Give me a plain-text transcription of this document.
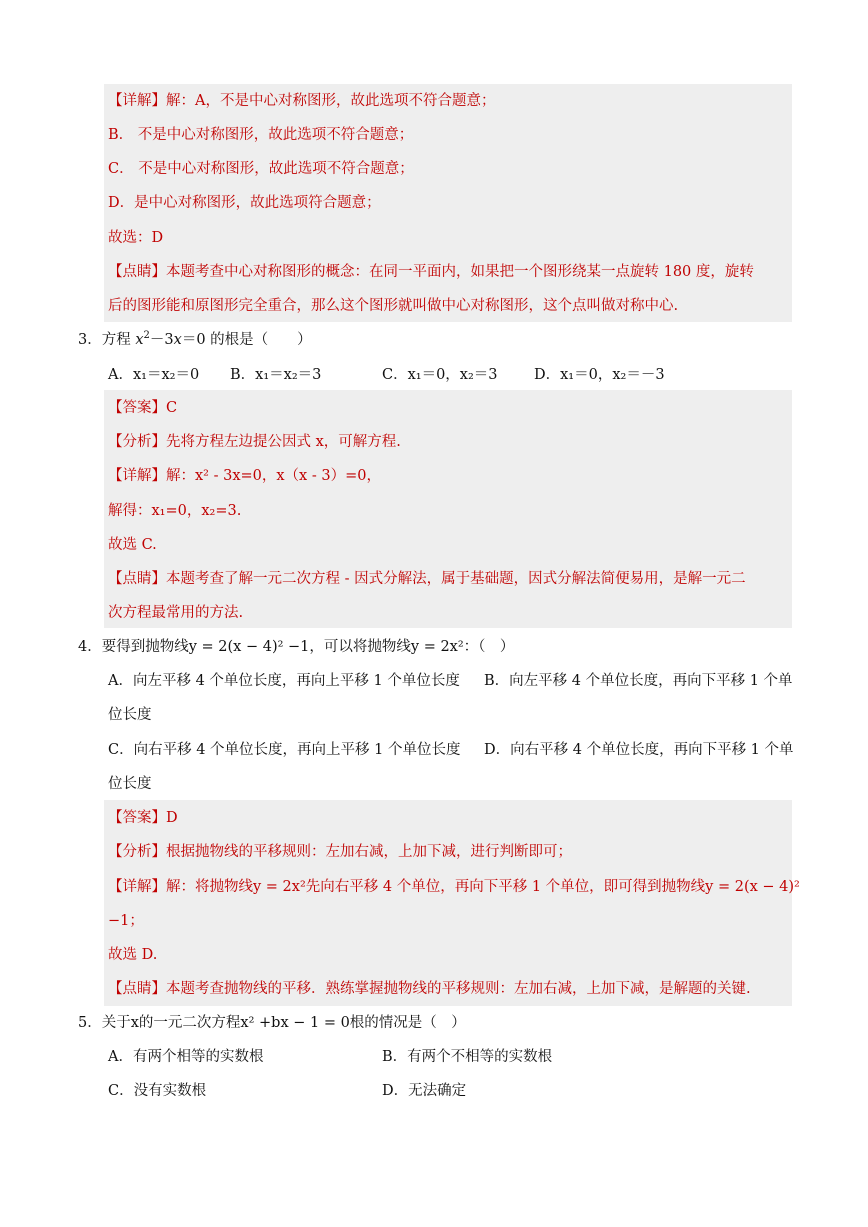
【详解】解：A，不是中心对称图形，故此选项不符合题意；
B． 不是中心对称图形，故此选项不符合题意；
C． 不是中心对称图形，故此选项不符合题意；
D．是中心对称图形，故此选项符合题意；
故选：D
【点睛】本题考查中心对称图形的概念：在同一平面内，如果把一个图形绕某一点旋转 180 度，旋转
后的图形能和原图形完全重合，那么这个图形就叫做中心对称图形，这个点叫做对称中心.
3．方程 $x^2-3x=0$ 的根是（　　）
A．x₁＝x₂＝0 B．x₁＝x₂＝3	C．x₁＝0，x₂＝3	D．x₁＝0，x₂＝－3
【答案】C
【分析】先将方程左边提公因式 x，可解方程.
【详解】解：x² - 3x=0，x（x - 3）=0，
解得：x₁=0，x₂=3.
故选 C.
【点睛】本题考查了解一元二次方程 - 因式分解法，属于基础题，因式分解法简便易用，是解一元二
次方程最常用的方法.
4．要得到抛物线y = 2(x − 4)² −1，可以将抛物线y = 2x²：（　）
A．向左平移 4 个单位长度，再向上平移 1 个单位长度 B．向左平移 4 个单位长度，再向下平移 1 个单
位长度
C．向右平移 4 个单位长度，再向上平移 1 个单位长度 D．向右平移 4 个单位长度，再向下平移 1 个单
位长度
【答案】D
【分析】根据抛物线的平移规则：左加右减，上加下减，进行判断即可；
【详解】解：将抛物线y = 2x²先向右平移 4 个单位，再向下平移 1 个单位，即可得到抛物线y = 2(x − 4)²
−1；
故选 D.
【点睛】本题考查抛物线的平移．熟练掌握抛物线的平移规则：左加右减，上加下减，是解题的关键.
5．关于x的一元二次方程x² +bx − 1 = 0根的情况是（　）
A．有两个相等的实数根	B．有两个不相等的实数根
C．没有实数根	D．无法确定
